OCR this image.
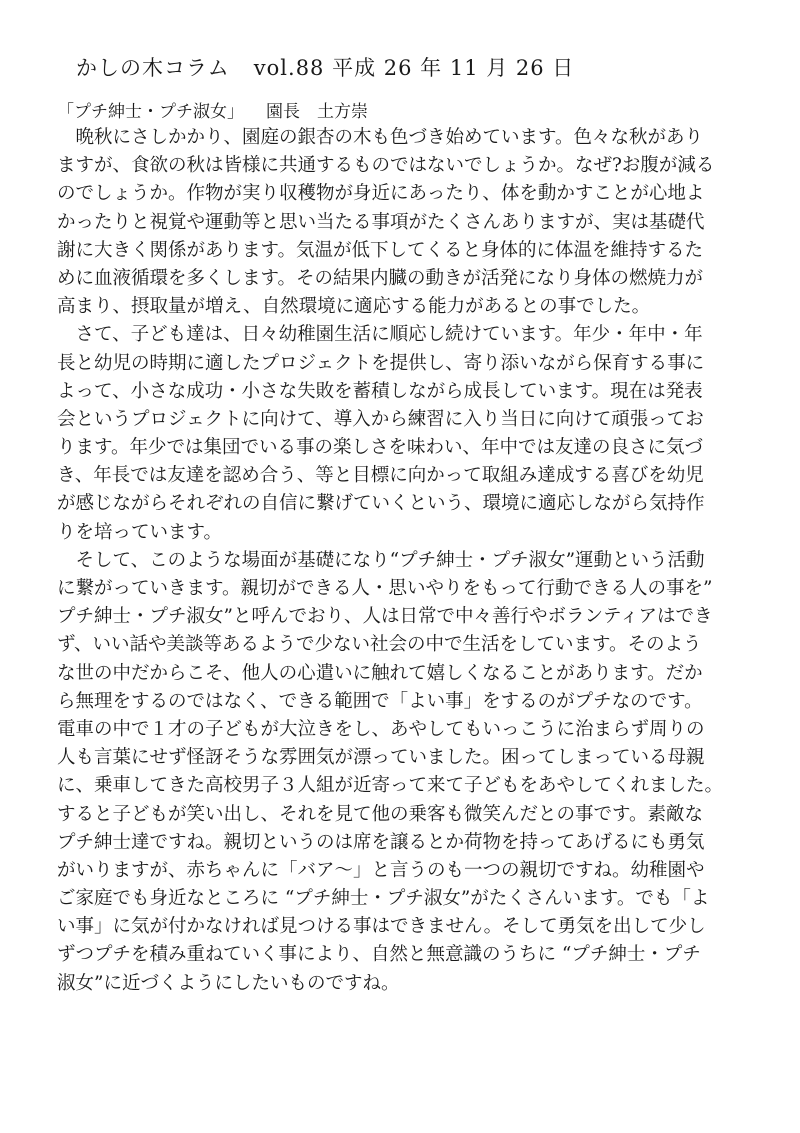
かしの木コラム vol.88 平成 26 年 11 月 26 日
「プチ紳士・プチ淑女」 園長　土方崇
　晩秋にさしかかり、園庭の銀杏の木も色づき始めています。色々な秋があり
ますが、食欲の秋は皆様に共通するものではないでしょうか。なぜ?お腹が減る
のでしょうか。作物が実り収穫物が身近にあったり、体を動かすことが心地よ
かったりと視覚や運動等と思い当たる事項がたくさんありますが、実は基礎代
謝に大きく関係があります。気温が低下してくると身体的に体温を維持するた
めに血液循環を多くします。その結果内臓の動きが活発になり身体の燃焼力が
高まり、摂取量が増え、自然環境に適応する能力があるとの事でした。
　さて、子ども達は、日々幼稚園生活に順応し続けています。年少・年中・年
長と幼児の時期に適したプロジェクトを提供し、寄り添いながら保育する事に
よって、小さな成功・小さな失敗を蓄積しながら成長しています。現在は発表
会というプロジェクトに向けて、導入から練習に入り当日に向けて頑張ってお
ります。年少では集団でいる事の楽しさを味わい、年中では友達の良さに気づ
き、年長では友達を認め合う、等と目標に向かって取組み達成する喜びを幼児
が感じながらそれぞれの自信に繋げていくという、環境に適応しながら気持作
りを培っています。
　そして、このような場面が基礎になり“プチ紳士・プチ淑女”運動という活動
に繋がっていきます。親切ができる人・思いやりをもって行動できる人の事を”
プチ紳士・プチ淑女”と呼んでおり、人は日常で中々善行やボランティアはでき
ず、いい話や美談等あるようで少ない社会の中で生活をしています。そのよう
な世の中だからこそ、他人の心遣いに触れて嬉しくなることがあります。だか
ら無理をするのではなく、できる範囲で「よい事」をするのがプチなのです。
電車の中で１才の子どもが大泣きをし、あやしてもいっこうに治まらず周りの
人も言葉にせず怪訝そうな雰囲気が漂っていました。困ってしまっている母親
に、乗車してきた高校男子３人組が近寄って来て子どもをあやしてくれました。
すると子どもが笑い出し、それを見て他の乗客も微笑んだとの事です。素敵な
プチ紳士達ですね。親切というのは席を譲るとか荷物を持ってあげるにも勇気
がいりますが、赤ちゃんに「バア～」と言うのも一つの親切ですね。幼稚園や
ご家庭でも身近なところに “プチ紳士・プチ淑女”がたくさんいます。でも「よ
い事」に気が付かなければ見つける事はできません。そして勇気を出して少し
ずつプチを積み重ねていく事により、自然と無意識のうちに “プチ紳士・プチ
淑女”に近づくようにしたいものですね。
